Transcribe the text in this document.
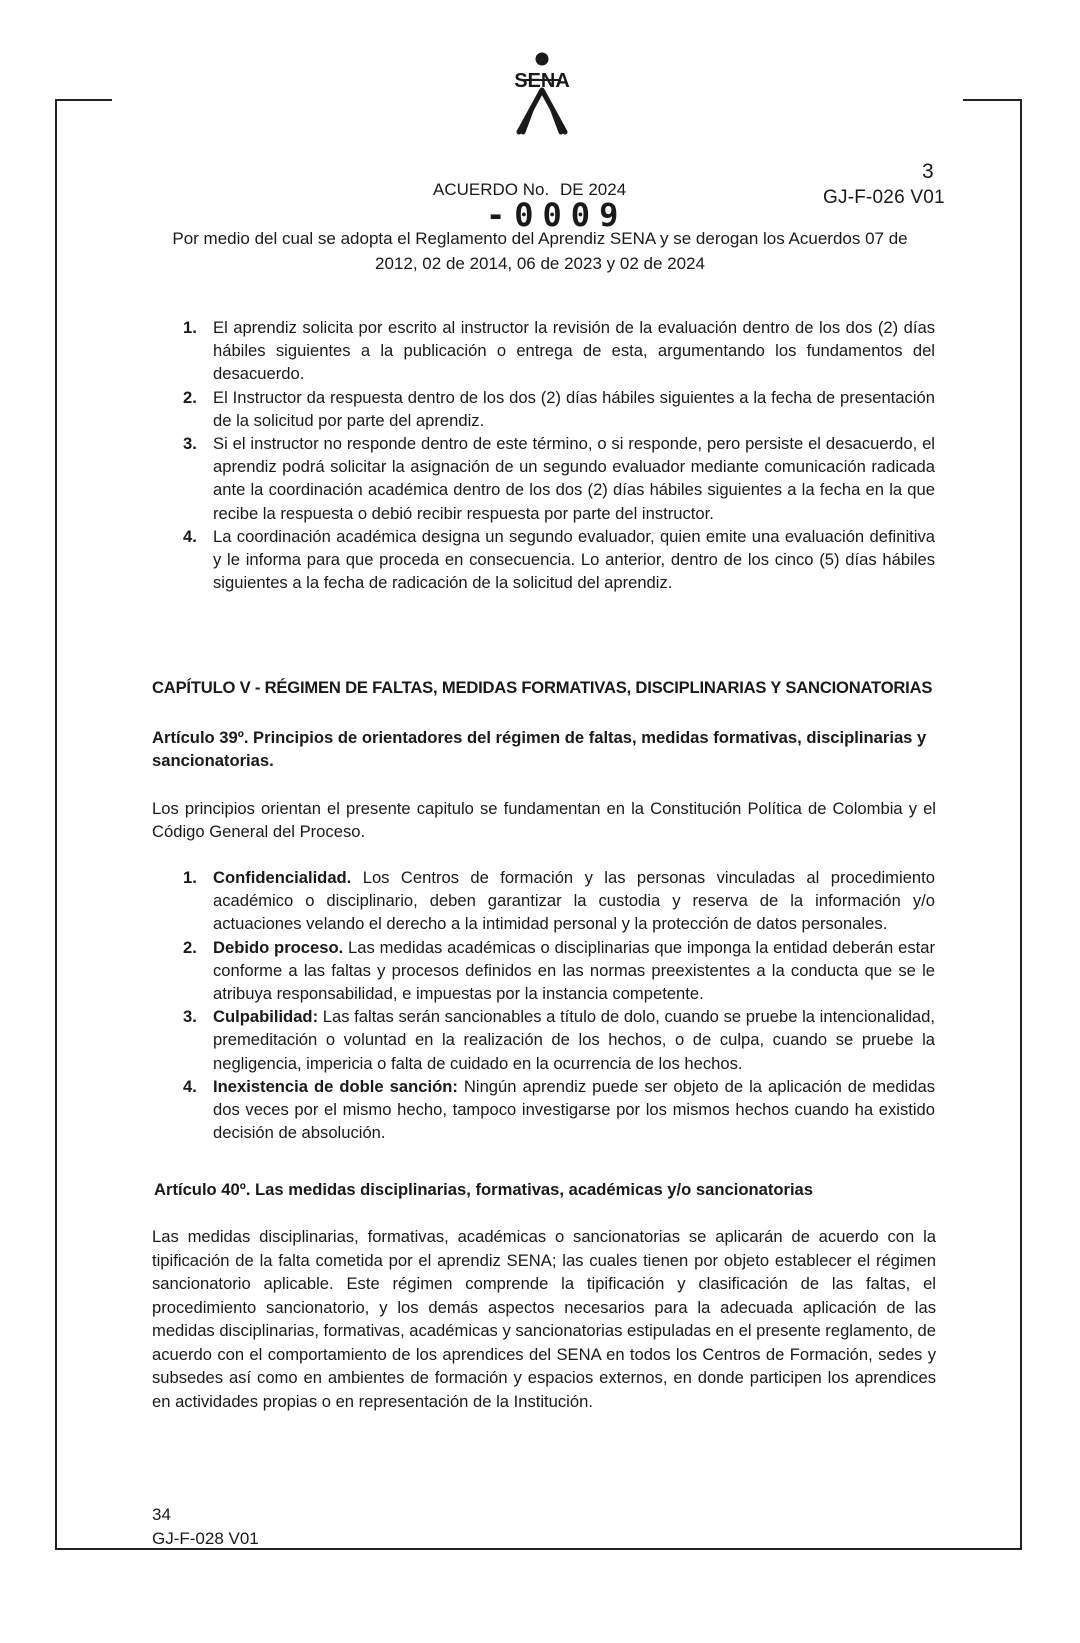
SENA
3
GJ-F-026 V01
ACUERDO No. DE 2024
-0009
Por medio del cual se adopta el Reglamento del Aprendiz SENA y se derogan los Acuerdos 07 de 2012, 02 de 2014, 06 de 2023 y 02 de 2024
1. El aprendiz solicita por escrito al instructor la revisión de la evaluación dentro de los dos (2) días hábiles siguientes a la publicación o entrega de esta, argumentando los fundamentos del desacuerdo.
2. El Instructor da respuesta dentro de los dos (2) días hábiles siguientes a la fecha de presentación de la solicitud por parte del aprendiz.
3. Si el instructor no responde dentro de este término, o si responde, pero persiste el desacuerdo, el aprendiz podrá solicitar la asignación de un segundo evaluador mediante comunicación radicada ante la coordinación académica dentro de los dos (2) días hábiles siguientes a la fecha en la que recibe la respuesta o debió recibir respuesta por parte del instructor.
4. La coordinación académica designa un segundo evaluador, quien emite una evaluación definitiva y le informa para que proceda en consecuencia. Lo anterior, dentro de los cinco (5) días hábiles siguientes a la fecha de radicación de la solicitud del aprendiz.
CAPÍTULO V - RÉGIMEN DE FALTAS, MEDIDAS FORMATIVAS, DISCIPLINARIAS Y SANCIONATORIAS
Artículo 39º. Principios de orientadores del régimen de faltas, medidas formativas, disciplinarias y sancionatorias.

Los principios orientan el presente capitulo se fundamentan en la Constitución Política de Colombia y el Código General del Proceso.

1. Confidencialidad. Los Centros de formación y las personas vinculadas al procedimiento académico o disciplinario, deben garantizar la custodia y reserva de la información y/o actuaciones velando el derecho a la intimidad personal y la protección de datos personales.
2. Debido proceso. Las medidas académicas o disciplinarias que imponga la entidad deberán estar conforme a las faltas y procesos definidos en las normas preexistentes a la conducta que se le atribuya responsabilidad, e impuestas por la instancia competente.
3. Culpabilidad: Las faltas serán sancionables a título de dolo, cuando se pruebe la intencionalidad, premeditación o voluntad en la realización de los hechos, o de culpa, cuando se pruebe la negligencia, impericia o falta de cuidado en la ocurrencia de los hechos.
4. Inexistencia de doble sanción: Ningún aprendiz puede ser objeto de la aplicación de medidas dos veces por el mismo hecho, tampoco investigarse por los mismos hechos cuando ha existido decisión de absolución.
Artículo 40º. Las medidas disciplinarias, formativas, académicas y/o sancionatorias

Las medidas disciplinarias, formativas, académicas o sancionatorias se aplicarán de acuerdo con la tipificación de la falta cometida por el aprendiz SENA; las cuales tienen por objeto establecer el régimen sancionatorio aplicable. Este régimen comprende la tipificación y clasificación de las faltas, el procedimiento sancionatorio, y los demás aspectos necesarios para la adecuada aplicación de las medidas disciplinarias, formativas, académicas y sancionatorias estipuladas en el presente reglamento, de acuerdo con el comportamiento de los aprendices del SENA en todos los Centros de Formación, sedes y subsedes así como en ambientes de formación y espacios externos, en donde participen los aprendices en actividades propias o en representación de la Institución.

34
GJ-F-028 V01
